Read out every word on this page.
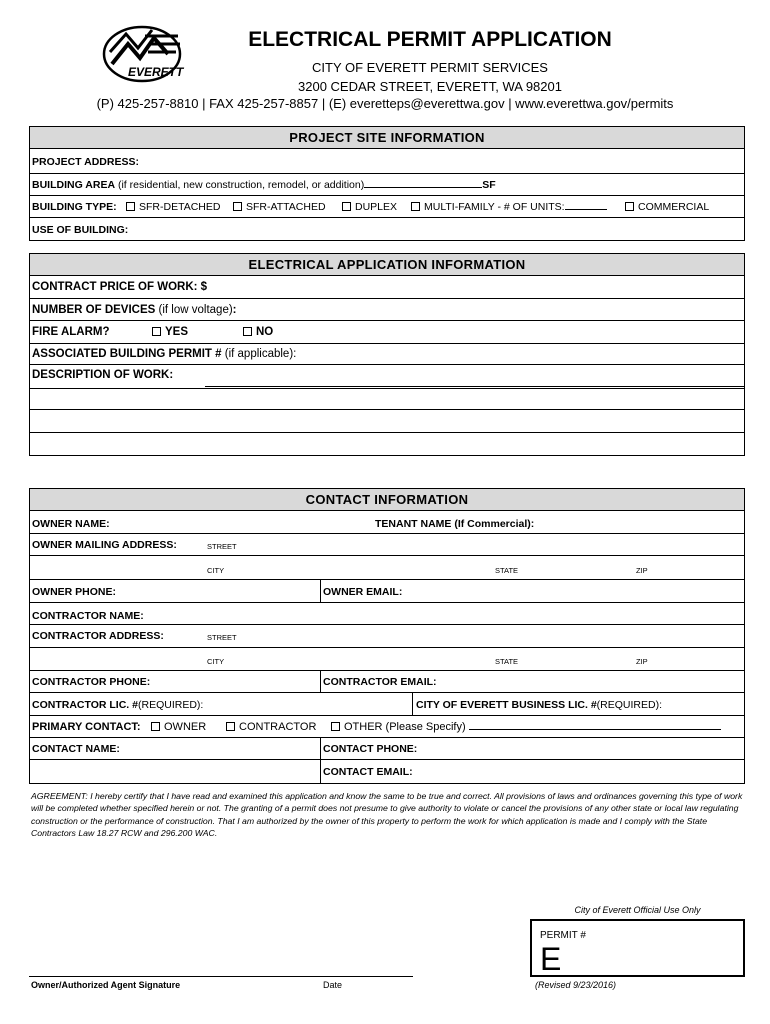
EVERETT
ELECTRICAL PERMIT APPLICATION
CITY OF EVERETT PERMIT SERVICES
3200 CEDAR STREET, EVERETT, WA 98201
(P) 425-257-8810 | FAX 425-257-8857 | (E) everetteps@everettwa.gov | www.everettwa.gov/permits
PROJECT SITE INFORMATION
PROJECT ADDRESS:
BUILDING AREA (if residential, new construction, remodel, or addition)	SF
BUILDING TYPE:	SFR-DETACHED	SFR-ATTACHED	DUPLEX	MULTI-FAMILY - # OF UNITS:	COMMERCIAL
USE OF BUILDING:
ELECTRICAL APPLICATION INFORMATION
CONTRACT PRICE OF WORK: $
NUMBER OF DEVICES (if low voltage):
FIRE ALARM?	YES	NO
ASSOCIATED BUILDING PERMIT # (if applicable):
DESCRIPTION OF WORK:
CONTACT INFORMATION
OWNER NAME:	TENANT NAME (If Commercial):
OWNER MAILING ADDRESS:	STREET
CITY	STATE	ZIP
OWNER PHONE:	OWNER EMAIL:
CONTRACTOR NAME:
CONTRACTOR ADDRESS:	STREET
CITY	STATE	ZIP
CONTRACTOR PHONE:	CONTRACTOR EMAIL:
CONTRACTOR LIC. #(REQUIRED):	CITY OF EVERETT BUSINESS LIC. #(REQUIRED):
PRIMARY CONTACT:	OWNER	CONTRACTOR	OTHER (Please Specify)
CONTACT NAME:	CONTACT PHONE:
CONTACT EMAIL:
AGREEMENT: I hereby certify that I have read and examined this application and know the same to be true and correct. All provisions of laws and ordinances governing this type of work will be completed whether specified herein or not. The granting of a permit does not presume to give authority to violate or cancel the provisions of any other state or local law regulating construction or the performance of construction. That I am authorized by the owner of this property to perform the work for which application is made and I comply with the State Contractors Law 18.27 RCW and 296.200 WAC.
City of Everett Official Use Only
PERMIT #
E
(Revised 9/23/2016)
Owner/Authorized Agent Signature	Date
